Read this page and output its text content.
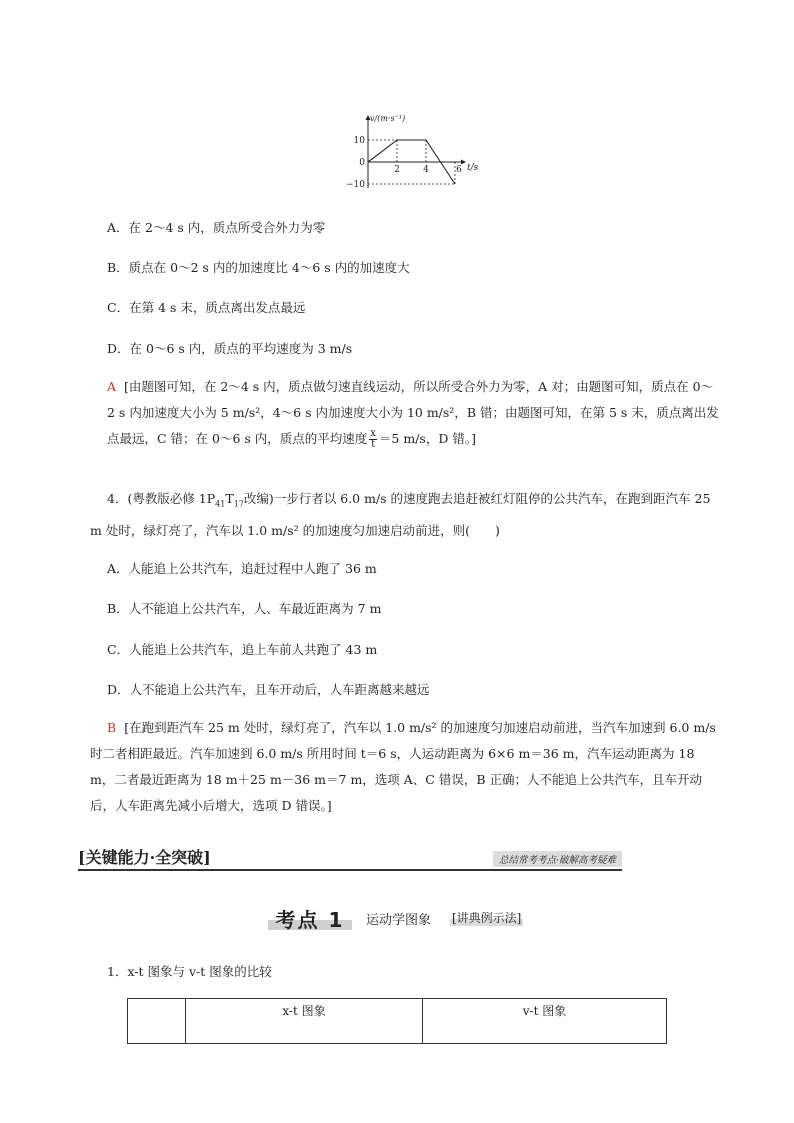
10
0
−10
2	4	6
v/(m·s⁻¹)
t/s
A．在 2～4 s 内，质点所受合外力为零
B．质点在 0～2 s 内的加速度比 4～6 s 内的加速度大
C．在第 4 s 末，质点离出发点最远
D．在 0～6 s 内，质点的平均速度为 3 m/s
A [由题图可知，在 2～4 s 内，质点做匀速直线运动，所以所受合外力为零，A 对；由题图可知，质点在 0～2 s 内加速度大小为 5 m/s²，4～6 s 内加速度大小为 10 m/s²，B 错；由题图可知，在第 5 s 末，质点离出发点最远，C 错；在 0～6 s 内，质点的平均速度 $\frac{x}{t} =5$ m/s，D 错。]
4．(粤教版必修 $1P_{41}T_{17}$改编)一步行者以 6.0 m/s 的速度跑去追赶被红灯阻停的公共汽车，在跑到距汽车 25 m 处时，绿灯亮了，汽车以 1.0 m/s² 的加速度匀加速启动前进，则(　　)
A．人能追上公共汽车，追赶过程中人跑了 36 m
B．人不能追上公共汽车，人、车最近距离为 7 m
C．人能追上公共汽车，追上车前人共跑了 43 m
D．人不能追上公共汽车，且车开动后，人车距离越来越远
B [在跑到距汽车 25 m 处时，绿灯亮了，汽车以 1.0 m/s² 的加速度匀加速启动前进，当汽车加速到 6.0 m/s 时二者相距最近。汽车加速到 6.0 m/s 所用时间 t＝6 s，人运动距离为 6×6 m＝36 m，汽车运动距离为 18 m，二者最近距离为 18 m＋25 m－36 m＝7 m，选项 A、C 错误，B 正确；人不能追上公共汽车，且车开动后，人车距离先减小后增大，选项 D 错误。]
[关键能力·全突破]	总结常考考点·破解高考疑难
考点 1	运动学图象 [讲典例示法]
1．x-t 图象与 v-t 图象的比较
	x-t 图象	v-t 图象
